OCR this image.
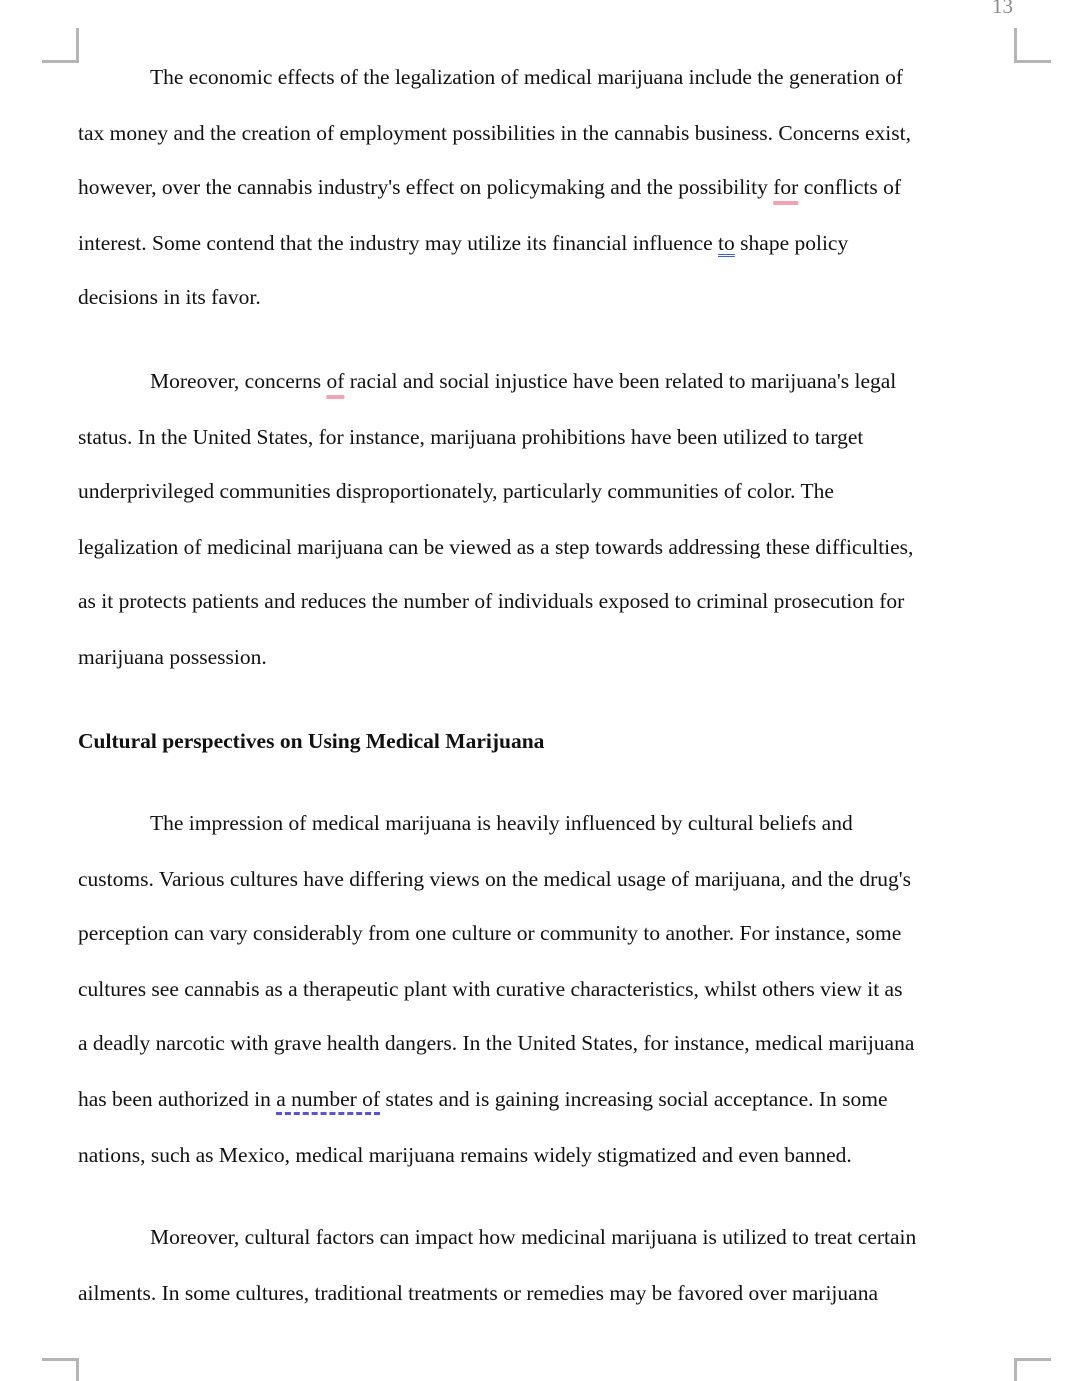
13

The economic effects of the legalization of medical marijuana include the generation of

tax money and the creation of employment possibilities in the cannabis business. Concerns exist,

however, over the cannabis industry's effect on policymaking and the possibility for conflicts of

interest. Some contend that the industry may utilize its financial influence to shape policy

decisions in its favor.

Moreover, concerns of racial and social injustice have been related to marijuana's legal

status. In the United States, for instance, marijuana prohibitions have been utilized to target

underprivileged communities disproportionately, particularly communities of color. The

legalization of medicinal marijuana can be viewed as a step towards addressing these difficulties,

as it protects patients and reduces the number of individuals exposed to criminal prosecution for

marijuana possession.

Cultural perspectives on Using Medical Marijuana

The impression of medical marijuana is heavily influenced by cultural beliefs and

customs. Various cultures have differing views on the medical usage of marijuana, and the drug's

perception can vary considerably from one culture or community to another. For instance, some

cultures see cannabis as a therapeutic plant with curative characteristics, whilst others view it as

a deadly narcotic with grave health dangers. In the United States, for instance, medical marijuana

has been authorized in a number of states and is gaining increasing social acceptance. In some

nations, such as Mexico, medical marijuana remains widely stigmatized and even banned.

Moreover, cultural factors can impact how medicinal marijuana is utilized to treat certain

ailments. In some cultures, traditional treatments or remedies may be favored over marijuana
